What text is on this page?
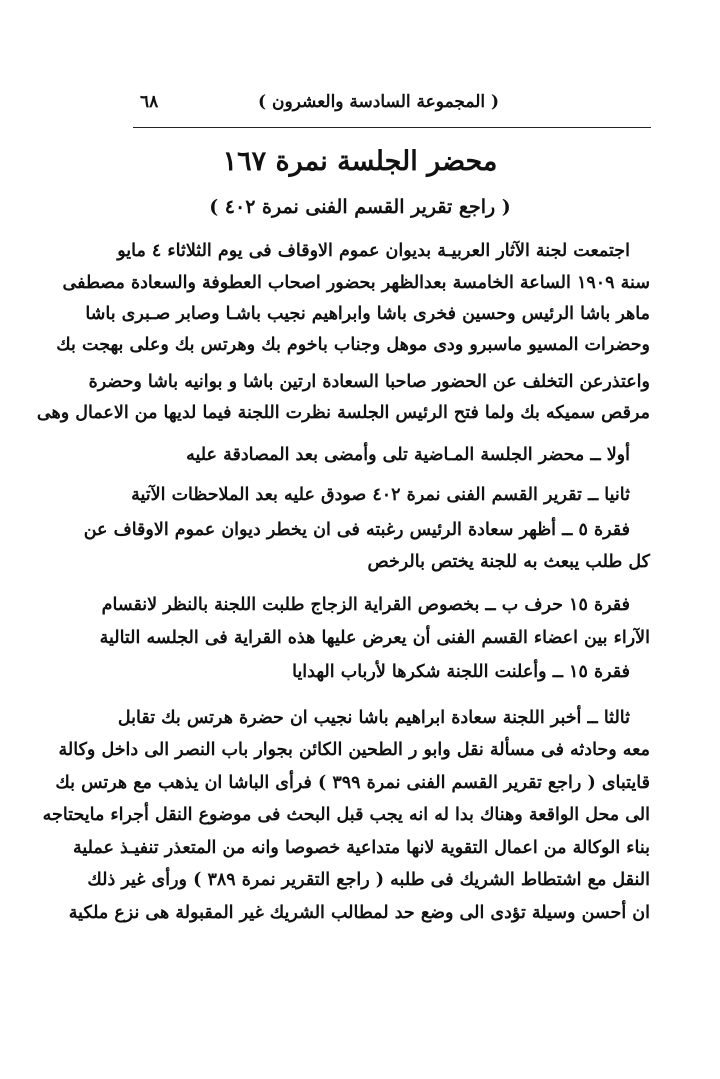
٦٨	( المجموعة السادسة والعشرون )
محضر الجلسة نمرة ١٦٧
( راجع تقرير القسم الفنى نمرة ٤٠٢ )
اجتمعت لجنة الآثار العربيـة بديوان عموم الاوقاف فى يوم الثلاثاء ٤ مايو
سنة ١٩٠٩ الساعة الخامسة بعدالظهر بحضور اصحاب العطوفة والسعادة مصطفى
ماهر باشا الرئيس وحسين فخرى باشا وابراهيم نجيب باشـا وصابر صـبرى باشا
وحضرات المسيو ماسبرو ودى موهل وجناب باخوم بك وهرتس بك وعلى بهجت بك
واعتذرعن التخلف عن الحضور صاحبا السعادة ارتين باشا و بوانيه باشا وحضرة
مرقص سميكه بك ولما فتح الرئيس الجلسة نظرت اللجنة فيما لديها من الاعمال وهى
أولا ــ محضر الجلسة المـاضية تلى وأمضى بعد المصادقة عليه
ثانيا ــ تقرير القسم الفنى نمرة ٤٠٢ صودق عليه بعد الملاحظات الآتية
فقرة ٥ ــ أظهر سعادة الرئيس رغبته فى ان يخطر ديوان عموم الاوقاف عن
كل طلب يبعث به للجنة يختص بالرخص
فقرة ١٥ حرف ب ــ بخصوص القراية الزجاج طلبت اللجنة بالنظر لانقسام
الآراء بين اعضاء القسم الفنى أن يعرض عليها هذه القراية فى الجلسه التالية
فقرة ١٥ ــ وأعلنت اللجنة شكرها لأرباب الهدايا
ثالثا ــ أخبر اللجنة سعادة ابراهيم باشا نجيب ان حضرة هرتس بك تقابل
معه وحادثه فى مسألة نقل وابو ر الطحين الكائن بجوار باب النصر الى داخل وكالة
قايتباى ( راجع تقرير القسم الفنى نمرة ٣٩٩ ) فرأى الباشا ان يذهب مع هرتس بك
الى محل الواقعة وهناك بدا له انه يجب قبل البحث فى موضوع النقل أجراء مايحتاجه
بناء الوكالة من اعمال التقوية لانها متداعية خصوصا وانه من المتعذر تنفيـذ عملية
النقل مع اشتطاط الشريك فى طلبه ( راجع التقرير نمرة ٣٨٩ ) ورأى غير ذلك
ان أحسن وسيلة تؤدى الى وضع حد لمطالب الشريك غير المقبولة هى نزع ملكية
